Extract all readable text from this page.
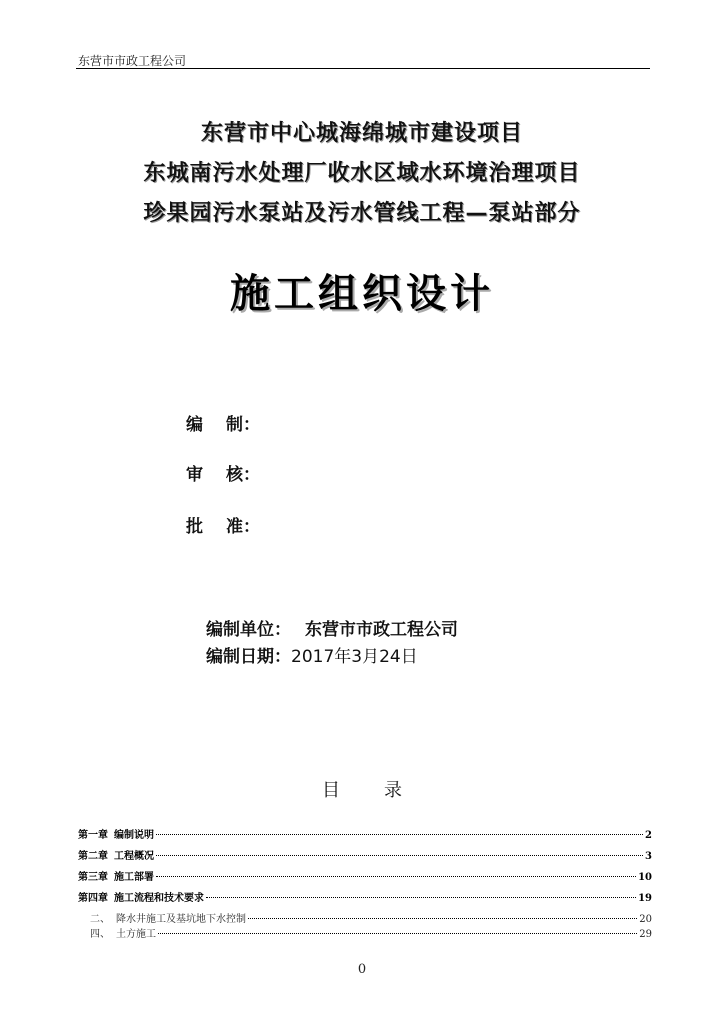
东营市市政工程公司
东营市中心城海绵城市建设项目
东城南污水处理厂收水区域水环境治理项目
珍果园污水泵站及污水管线工程—泵站部分
施工组织设计
编 制：
审 核：
批 准：
编制单位： 东营市市政工程公司
编制日期：2017年3月24日
目 录
第一章 编制说明	2
第二章 工程概况	3
第三章 施工部署	10
第四章 施工流程和技术要求	19
二、 降水井施工及基坑地下水控制	20
四、 土方施工	29
0
